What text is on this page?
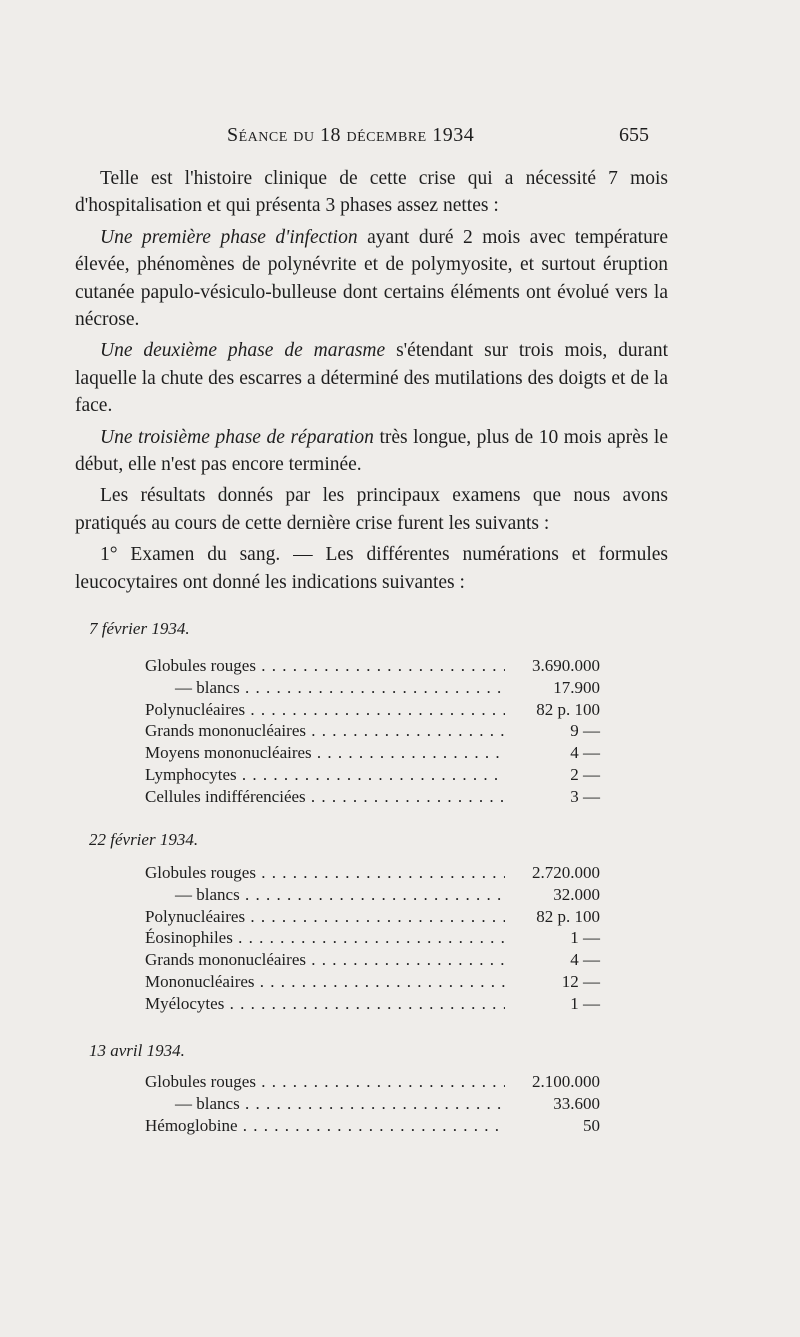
Séance du 18 décembre 1934	655

Telle est l'histoire clinique de cette crise qui a nécessité 7 mois d'hospitalisation et qui présenta 3 phases assez nettes :

Une première phase d'infection ayant duré 2 mois avec température élevée, phénomènes de polynévrite et de polymyosite, et surtout éruption cutanée papulo-vésiculo-bulleuse dont certains éléments ont évolué vers la nécrose.

Une deuxième phase de marasme s'étendant sur trois mois, durant laquelle la chute des escarres a déterminé des mutilations des doigts et de la face.

Une troisième phase de réparation très longue, plus de 10 mois après le début, elle n'est pas encore terminée.

Les résultats donnés par les principaux examens que nous avons pratiqués au cours de cette dernière crise furent les suivants :

1° Examen du sang. — Les différentes numérations et formules leucocytaires ont donné les indications suivantes :

7 février 1934.
Globules rouges . . .	3.690.000
— blancs . . .	17.900
Polynucléaires . . .	82 p. 100
Grands mononucléaires . . .	9 —
Moyens mononucléaires . . .	4 —
Lymphocytes . . .	2 —
Cellules indifférenciées . . .	3 —
22 février 1934.
Globules rouges . . .	2.720.000
— blancs . . .	32.000
Polynucléaires . . .	82 p. 100
Éosinophiles . . .	1 —
Grands mononucléaires . . .	4 —
Mononucléaires . . .	12 —
Myélocytes . . .	1 —
13 avril 1934.
Globules rouges . . .	2.100.000
— blancs . . .	33.600
Hémoglobine . . .	50
